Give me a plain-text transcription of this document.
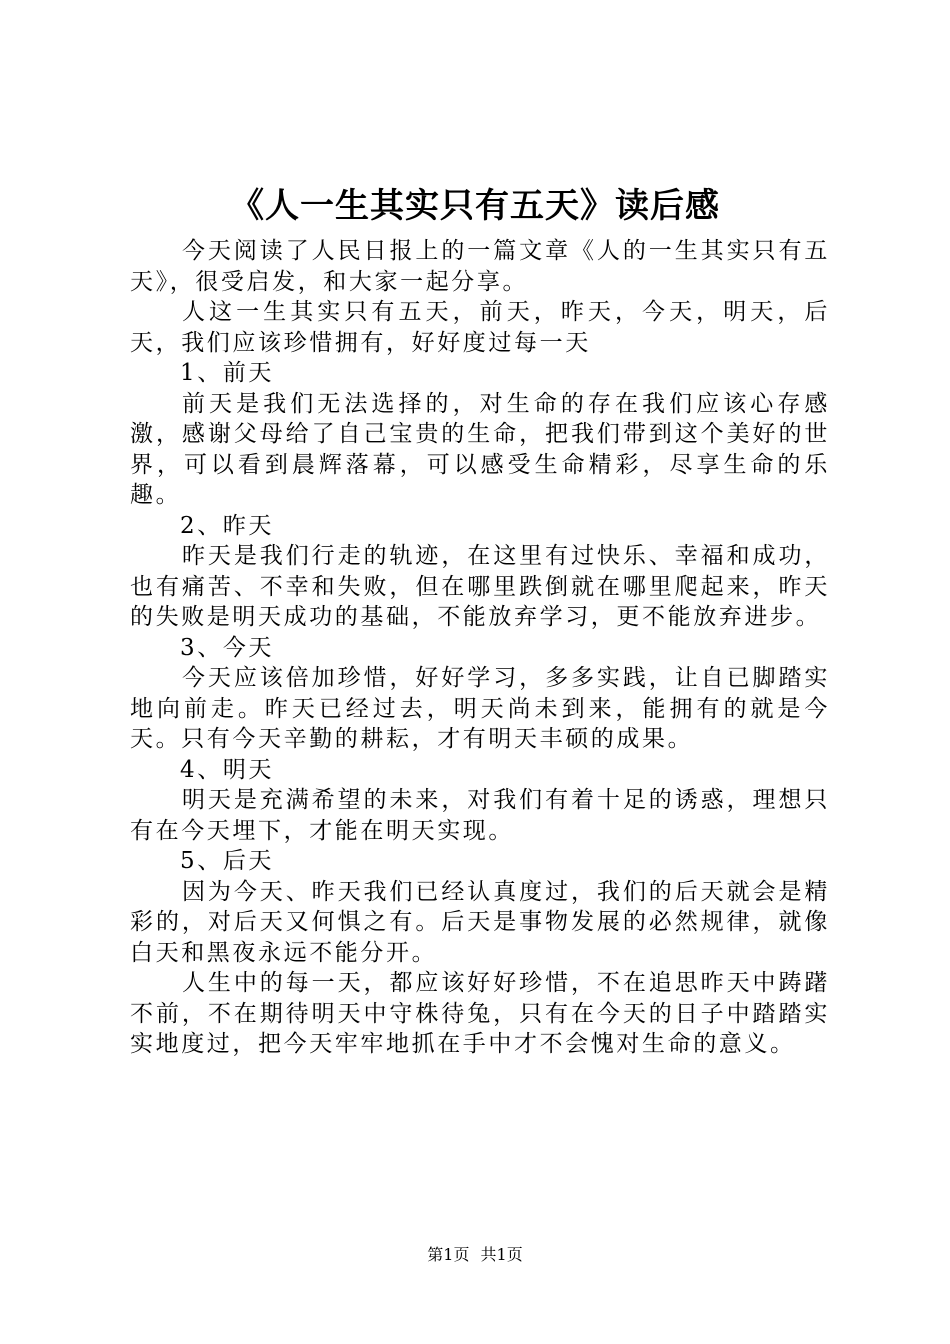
《人一生其实只有五天》读后感

今天阅读了人民日报上的一篇文章《人的一生其实只有五天》，很受启发，和大家一起分享。

人这一生其实只有五天，前天，昨天，今天，明天，后天，我们应该珍惜拥有，好好度过每一天

1、前天

前天是我们无法选择的，对生命的存在我们应该心存感激，感谢父母给了自己宝贵的生命，把我们带到这个美好的世界，可以看到晨辉落幕，可以感受生命精彩，尽享生命的乐趣。

2、昨天

昨天是我们行走的轨迹，在这里有过快乐、幸福和成功，也有痛苦、不幸和失败，但在哪里跌倒就在哪里爬起来，昨天的失败是明天成功的基础，不能放弃学习，更不能放弃进步。

3、今天

今天应该倍加珍惜，好好学习，多多实践，让自已脚踏实地向前走。昨天已经过去，明天尚未到来，能拥有的就是今天。只有今天辛勤的耕耘，才有明天丰硕的成果。

4、明天

明天是充满希望的未来，对我们有着十足的诱惑，理想只有在今天埋下，才能在明天实现。

5、后天

因为今天、昨天我们已经认真度过，我们的后天就会是精彩的，对后天又何惧之有。后天是事物发展的必然规律，就像白天和黑夜永远不能分开。

人生中的每一天，都应该好好珍惜，不在追思昨天中踌躇不前，不在期待明天中守株待兔，只有在今天的日子中踏踏实实地度过，把今天牢牢地抓在手中才不会愧对生命的意义。

第1页 共1页
